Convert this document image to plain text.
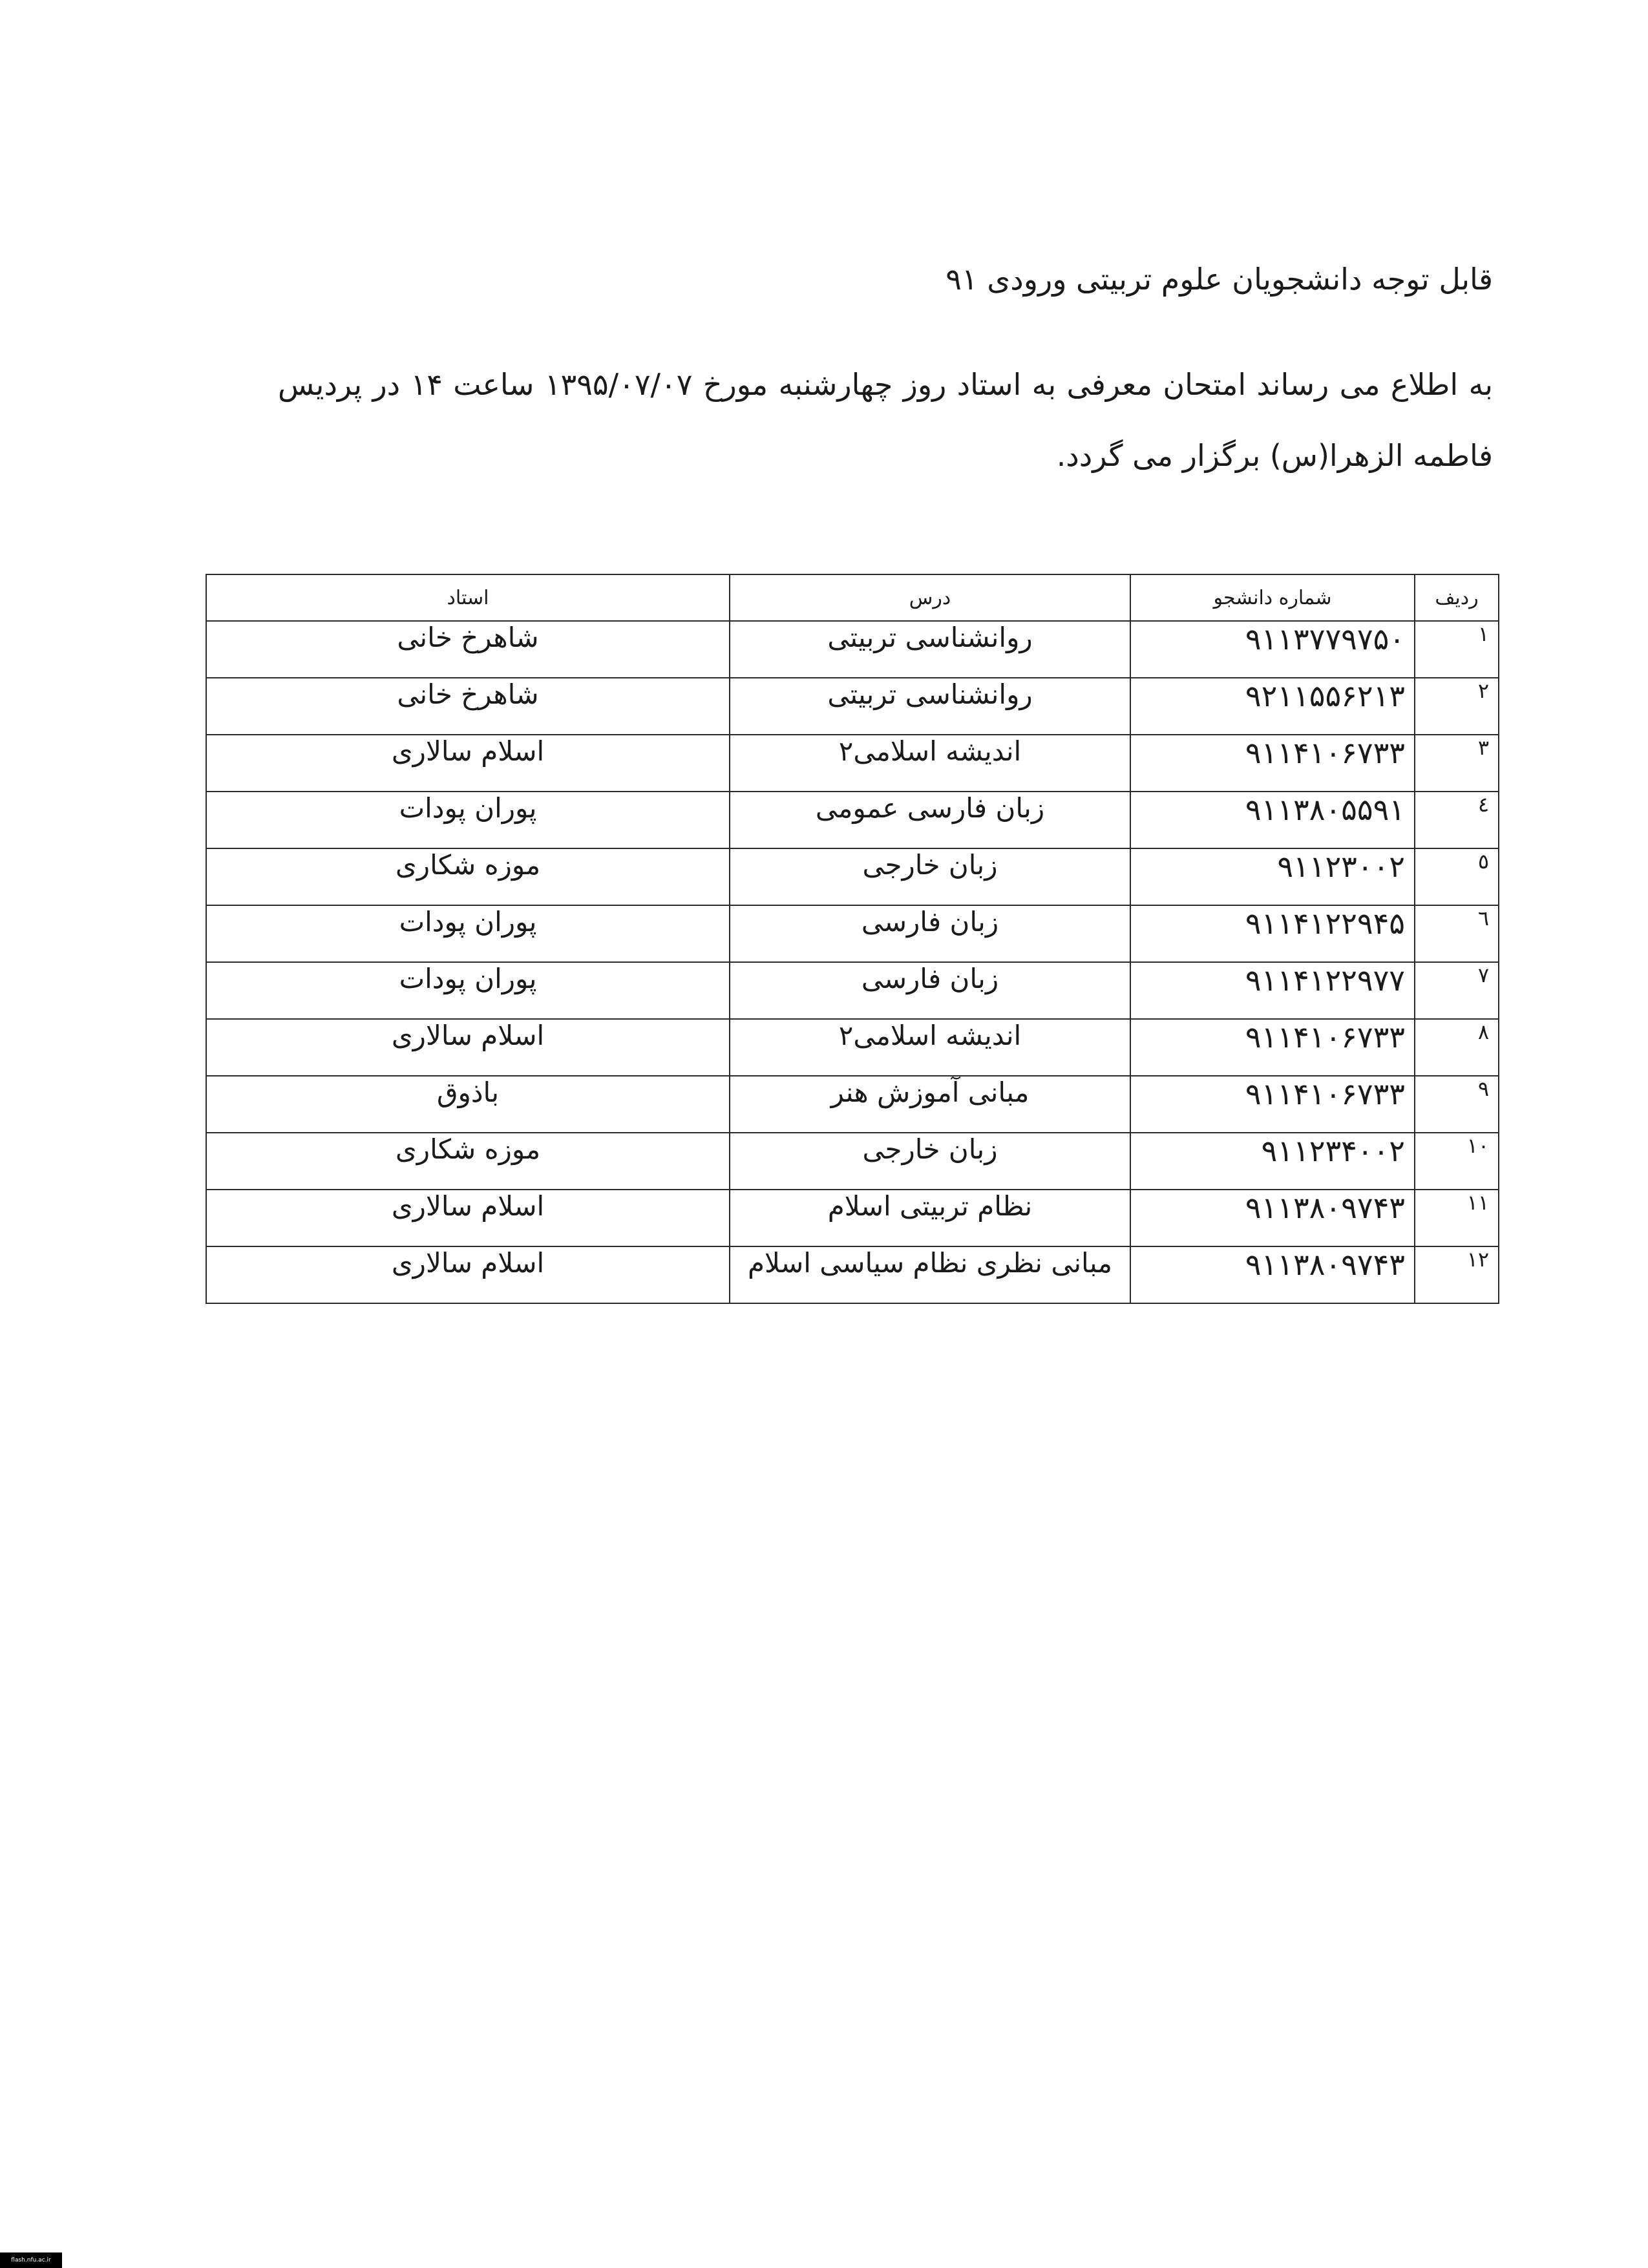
قابل توجه دانشجویان علوم تربیتی ورودی ۹۱
به اطلاع می رساند امتحان معرفی به استاد روز چهارشنبه مورخ ۱۳۹۵/۰۷/۰۷ ساعت ۱۴ در پردیس فاطمه الزهرا(س) برگزار می گردد.
ردیف	شماره دانشجو	درس	استاد
۱	۹۱۱۳۷۷۹۷۵۰	روانشناسی تربیتی	شاهرخ خانی
۲	۹۲۱۱۵۵۶۲۱۳	روانشناسی تربیتی	شاهرخ خانی
۳	۹۱۱۴۱۰۶۷۳۳	اندیشه اسلامی۲	اسلام سالاری
٤	۹۱۱۳۸۰۵۵۹۱	زبان فارسی عمومی	پوران پودات
٥	۹۱۱۲۳۰۰۲	زبان خارجی	موزه شکاری
٦	۹۱۱۴۱۲۲۹۴۵	زبان فارسی	پوران پودات
۷	۹۱۱۴۱۲۲۹۷۷	زبان فارسی	پوران پودات
۸	۹۱۱۴۱۰۶۷۳۳	اندیشه اسلامی۲	اسلام سالاری
۹	۹۱۱۴۱۰۶۷۳۳	مبانی آموزش هنر	باذوق
۱۰	۹۱۱۲۳۴۰۰۲	زبان خارجی	موزه شکاری
۱۱	۹۱۱۳۸۰۹۷۴۳	نظام تربیتی اسلام	اسلام سالاری
۱۲	۹۱۱۳۸۰۹۷۴۳	مبانی نظری نظام سیاسی اسلام	اسلام سالاری
flash.nfu.ac.ir
